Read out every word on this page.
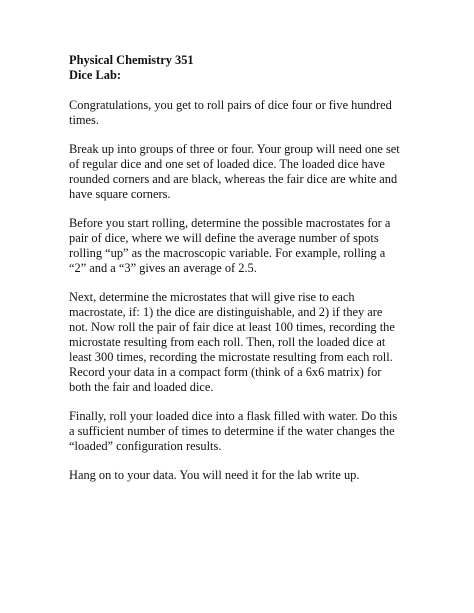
Physical Chemistry 351
Dice Lab:

Congratulations, you get to roll pairs of dice four or five hundred
times.

Break up into groups of three or four. Your group will need one set
of regular dice and one set of loaded dice. The loaded dice have
rounded corners and are black, whereas the fair dice are white and
have square corners.

Before you start rolling, determine the possible macrostates for a
pair of dice, where we will define the average number of spots
rolling “up” as the macroscopic variable. For example, rolling a
“2” and a “3” gives an average of 2.5.

Next, determine the microstates that will give rise to each
macrostate, if: 1) the dice are distinguishable, and 2) if they are
not. Now roll the pair of fair dice at least 100 times, recording the
microstate resulting from each roll. Then, roll the loaded dice at
least 300 times, recording the microstate resulting from each roll.
Record your data in a compact form (think of a 6x6 matrix) for
both the fair and loaded dice.

Finally, roll your loaded dice into a flask filled with water. Do this
a sufficient number of times to determine if the water changes the
“loaded” configuration results.

Hang on to your data. You will need it for the lab write up.
